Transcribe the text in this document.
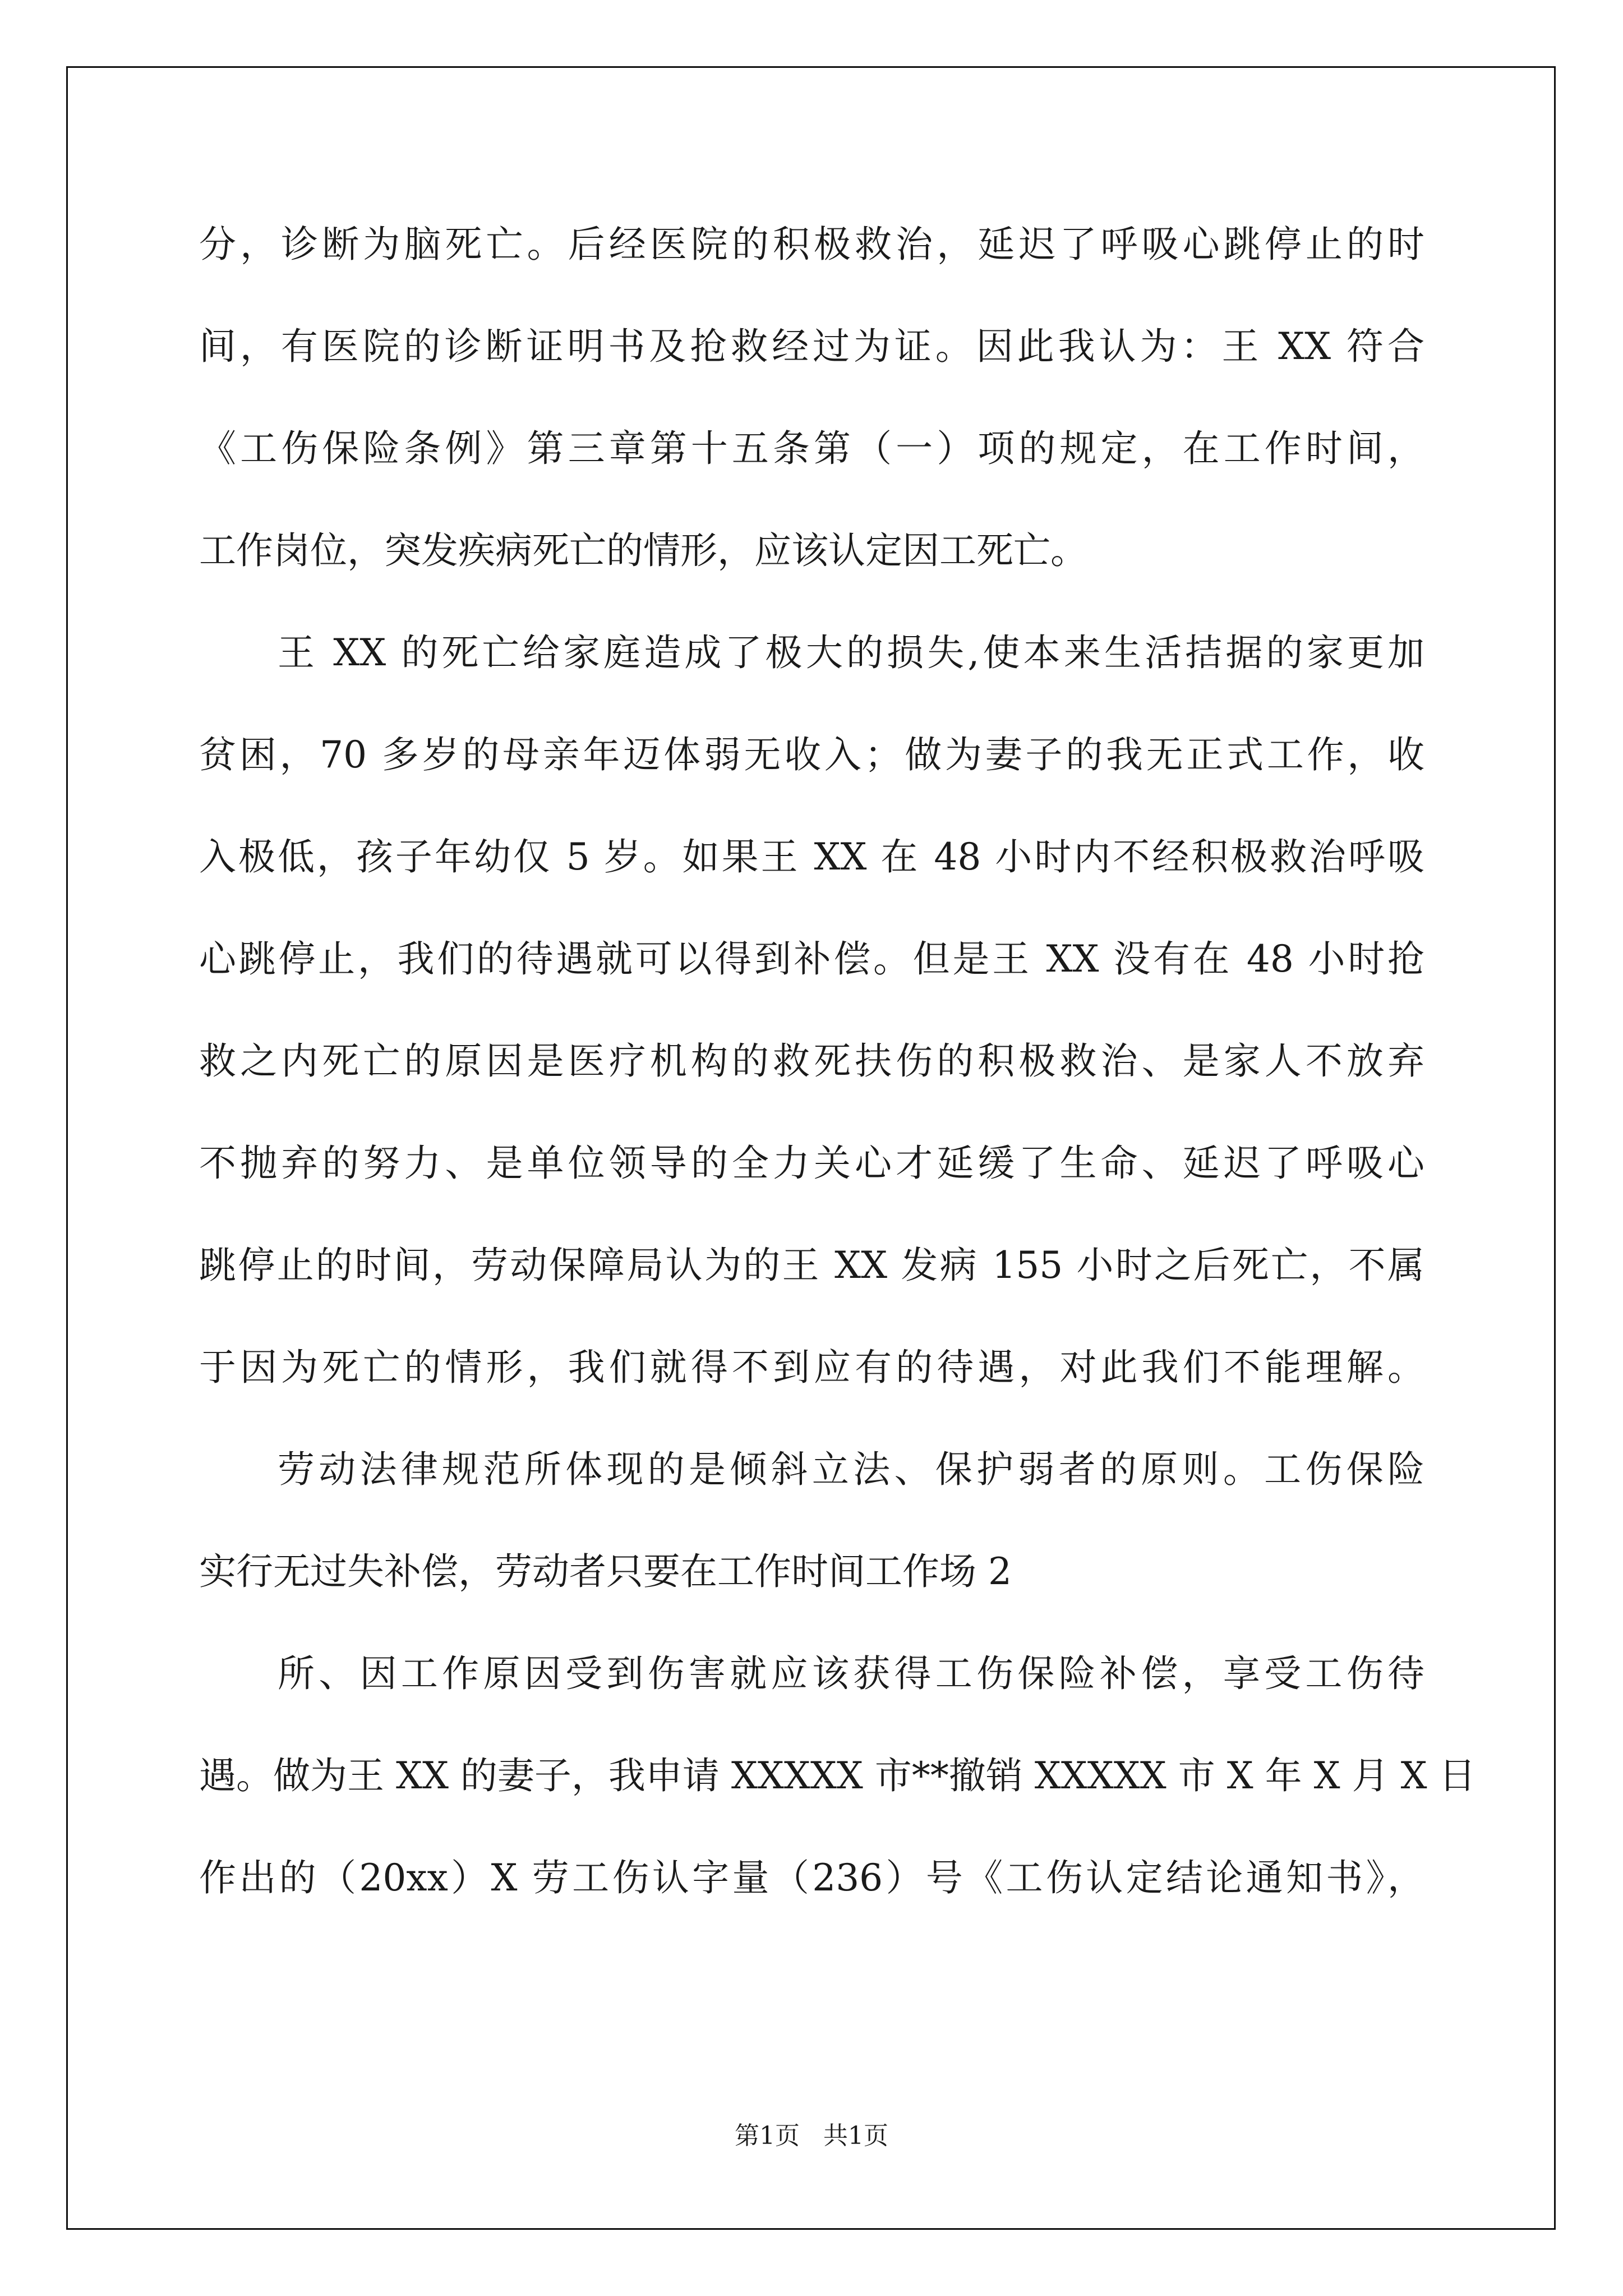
分，诊断为脑死亡。后经医院的积极救治，延迟了呼吸心跳停止的时
间，有医院的诊断证明书及抢救经过为证。因此我认为：王 XX 符合
《工伤保险条例》第三章第十五条第（一）项的规定，在工作时间，
工作岗位，突发疾病死亡的情形，应该认定因工死亡。
王 XX 的死亡给家庭造成了极大的损失,使本来生活拮据的家更加
贫困，70 多岁的母亲年迈体弱无收入；做为妻子的我无正式工作，收
入极低，孩子年幼仅 5 岁。如果王 XX 在 48 小时内不经积极救治呼吸
心跳停止，我们的待遇就可以得到补偿。但是王 XX 没有在 48 小时抢
救之内死亡的原因是医疗机构的救死扶伤的积极救治、是家人不放弃
不抛弃的努力、是单位领导的全力关心才延缓了生命、延迟了呼吸心
跳停止的时间，劳动保障局认为的王 XX 发病 155 小时之后死亡，不属
于因为死亡的情形，我们就得不到应有的待遇，对此我们不能理解。
劳动法律规范所体现的是倾斜立法、保护弱者的原则。工伤保险
实行无过失补偿，劳动者只要在工作时间工作场 2
所、因工作原因受到伤害就应该获得工伤保险补偿，享受工伤待
遇。做为王 XX 的妻子，我申请 XXXXX 市**撤销 XXXXX 市 X 年 X 月 X 日
作出的（20xx）X 劳工伤认字量（236）号《工伤认定结论通知书》，
第1页   共1页
